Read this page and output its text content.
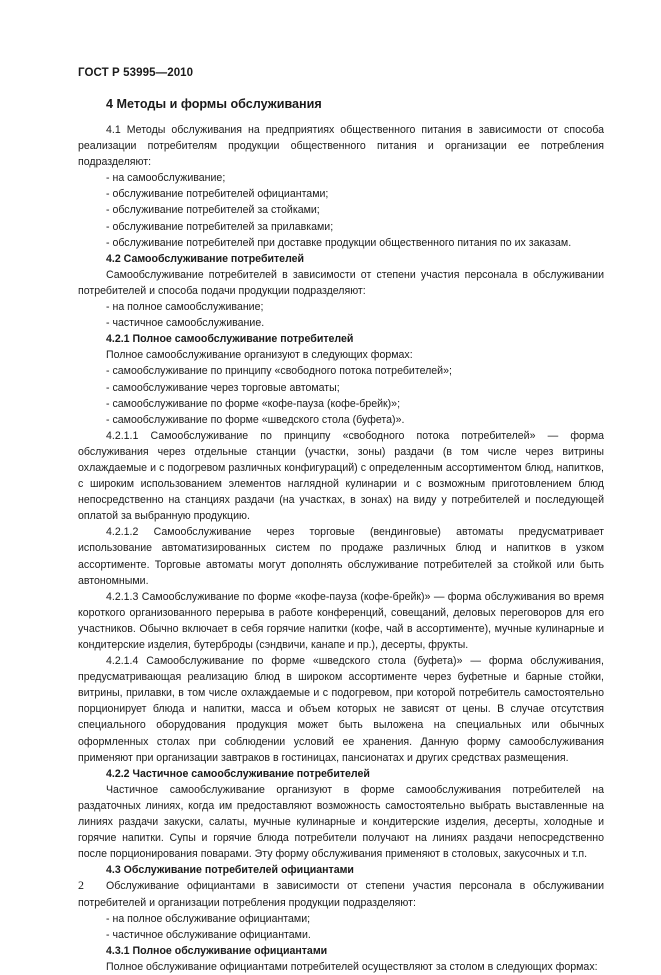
ГОСТ Р 53995—2010
4 Методы и формы обслуживания

4.1 Методы обслуживания на предприятиях общественного питания в зависимости от способа реализации потребителям продукции общественного питания и организации ее потребления подразделяют:

- на самообслуживание;

- обслуживание потребителей официантами;

- обслуживание потребителей за стойками;

- обслуживание потребителей за прилавками;

- обслуживание потребителей при доставке продукции общественного питания по их заказам.

4.2 Самообслуживание потребителей

Самообслуживание потребителей в зависимости от степени участия персонала в обслуживании потребителей и способа подачи продукции подразделяют:

- на полное самообслуживание;

- частичное самообслуживание.

4.2.1 Полное самообслуживание потребителей

Полное самообслуживание организуют в следующих формах:

- самообслуживание по принципу «свободного потока потребителей»;

- самообслуживание через торговые автоматы;

- самообслуживание по форме «кофе-пауза (кофе-брейк)»;

- самообслуживание по форме «шведского стола (буфета)».

4.2.1.1 Самообслуживание по принципу «свободного потока потребителей» — форма обслуживания через отдельные станции (участки, зоны) раздачи (в том числе через витрины охлаждаемые и с подогревом различных конфигураций) с определенным ассортиментом блюд, напитков, с широким использованием элементов наглядной кулинарии и с возможным приготовлением блюд непосредственно на станциях раздачи (на участках, в зонах) на виду у потребителей и последующей оплатой за выбранную продукцию.

4.2.1.2 Самообслуживание через торговые (вендинговые) автоматы предусматривает использование автоматизированных систем по продаже различных блюд и напитков в узком ассортименте. Торговые автоматы могут дополнять обслуживание потребителей за стойкой или быть автономными.

4.2.1.3 Самообслуживание по форме «кофе-пауза (кофе-брейк)» — форма обслуживания во время короткого организованного перерыва в работе конференций, совещаний, деловых переговоров для его участников. Обычно включает в себя горячие напитки (кофе, чай в ассортименте), мучные кулинарные и кондитерские изделия, бутерброды (сэндвичи, канапе и пр.), десерты, фрукты.

4.2.1.4 Самообслуживание по форме «шведского стола (буфета)» — форма обслуживания, предусматривающая реализацию блюд в широком ассортименте через буфетные и барные стойки, витрины, прилавки, в том числе охлаждаемые и с подогревом, при которой потребитель самостоятельно порционирует блюда и напитки, масса и объем которых не зависят от цены. В случае отсутствия специального оборудования продукция может быть выложена на специальных или обычных оформленных столах при соблюдении условий ее хранения. Данную форму самообслуживания применяют при организации завтраков в гостиницах, пансионатах и других средствах размещения.

4.2.2 Частичное самообслуживание потребителей

Частичное самообслуживание организуют в форме самообслуживания потребителей на раздаточных линиях, когда им предоставляют возможность самостоятельно выбрать выставленные на линиях раздачи закуски, салаты, мучные кулинарные и кондитерские изделия, десерты, холодные и горячие напитки. Супы и горячие блюда потребители получают на линиях раздачи непосредственно после порционирования поварами. Эту форму обслуживания применяют в столовых, закусочных и т.п.

4.3 Обслуживание потребителей официантами

Обслуживание официантами в зависимости от степени участия персонала в обслуживании потребителей и организации потребления продукции подразделяют:

- на полное обслуживание официантами;

- частичное обслуживание официантами.

4.3.1 Полное обслуживание официантами

Полное обслуживание официантами потребителей осуществляют за столом в следующих формах:

2
